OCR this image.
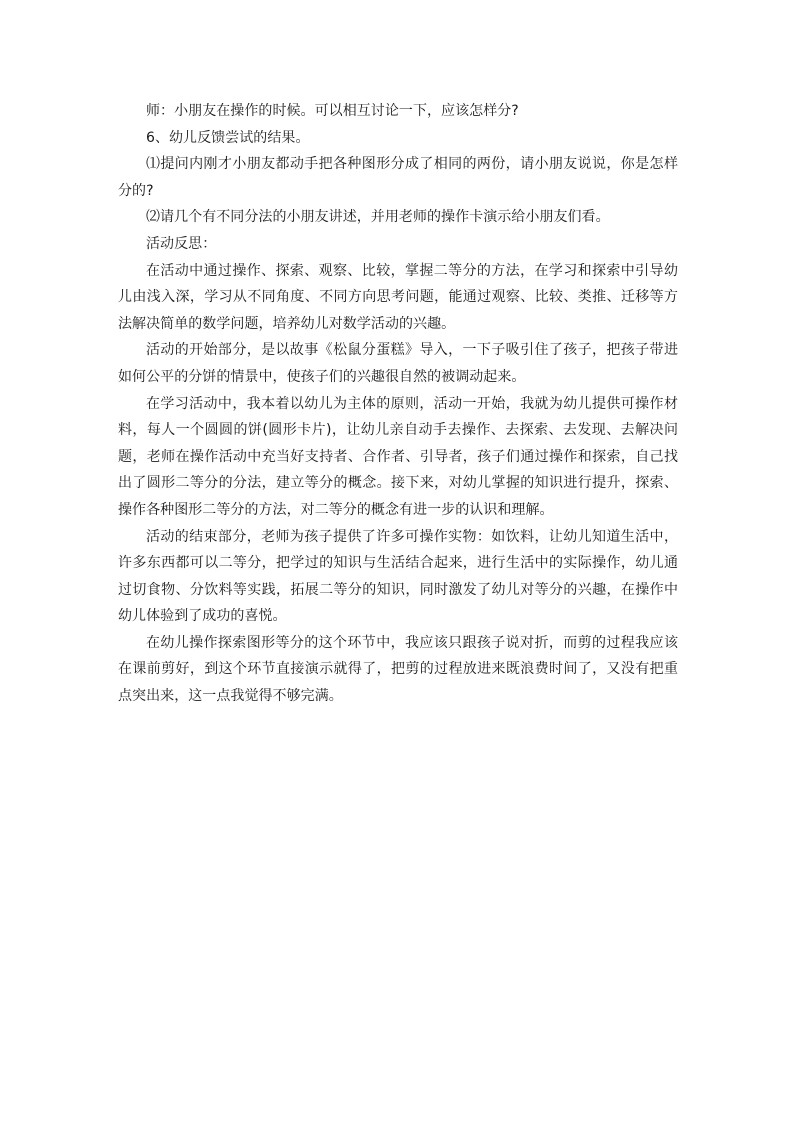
师：小朋友在操作的时候。可以相互讨论一下，应该怎样分?

6、幼儿反馈尝试的结果。

⑴提问内刚才小朋友都动手把各种图形分成了相同的两份，请小朋友说说，你是怎样分的?

⑵请几个有不同分法的小朋友讲述，并用老师的操作卡演示给小朋友们看。

活动反思：

在活动中通过操作、探索、观察、比较，掌握二等分的方法，在学习和探索中引导幼儿由浅入深，学习从不同角度、不同方向思考问题，能通过观察、比较、类推、迁移等方法解决简单的数学问题，培养幼儿对数学活动的兴趣。

活动的开始部分，是以故事《松鼠分蛋糕》导入，一下子吸引住了孩子，把孩子带进如何公平的分饼的情景中，使孩子们的兴趣很自然的被调动起来。

在学习活动中，我本着以幼儿为主体的原则，活动一开始，我就为幼儿提供可操作材料，每人一个圆圆的饼(圆形卡片)，让幼儿亲自动手去操作、去探索、去发现、去解决问题，老师在操作活动中充当好支持者、合作者、引导者，孩子们通过操作和探索，自己找出了圆形二等分的分法，建立等分的概念。接下来，对幼儿掌握的知识进行提升，探索、操作各种图形二等分的方法，对二等分的概念有进一步的认识和理解。

活动的结束部分，老师为孩子提供了许多可操作实物：如饮料，让幼儿知道生活中，许多东西都可以二等分，把学过的知识与生活结合起来，进行生活中的实际操作，幼儿通过切食物、分饮料等实践，拓展二等分的知识，同时激发了幼儿对等分的兴趣，在操作中幼儿体验到了成功的喜悦。

在幼儿操作探索图形等分的这个环节中，我应该只跟孩子说对折，而剪的过程我应该在课前剪好，到这个环节直接演示就得了，把剪的过程放进来既浪费时间了，又没有把重点突出来，这一点我觉得不够完满。
